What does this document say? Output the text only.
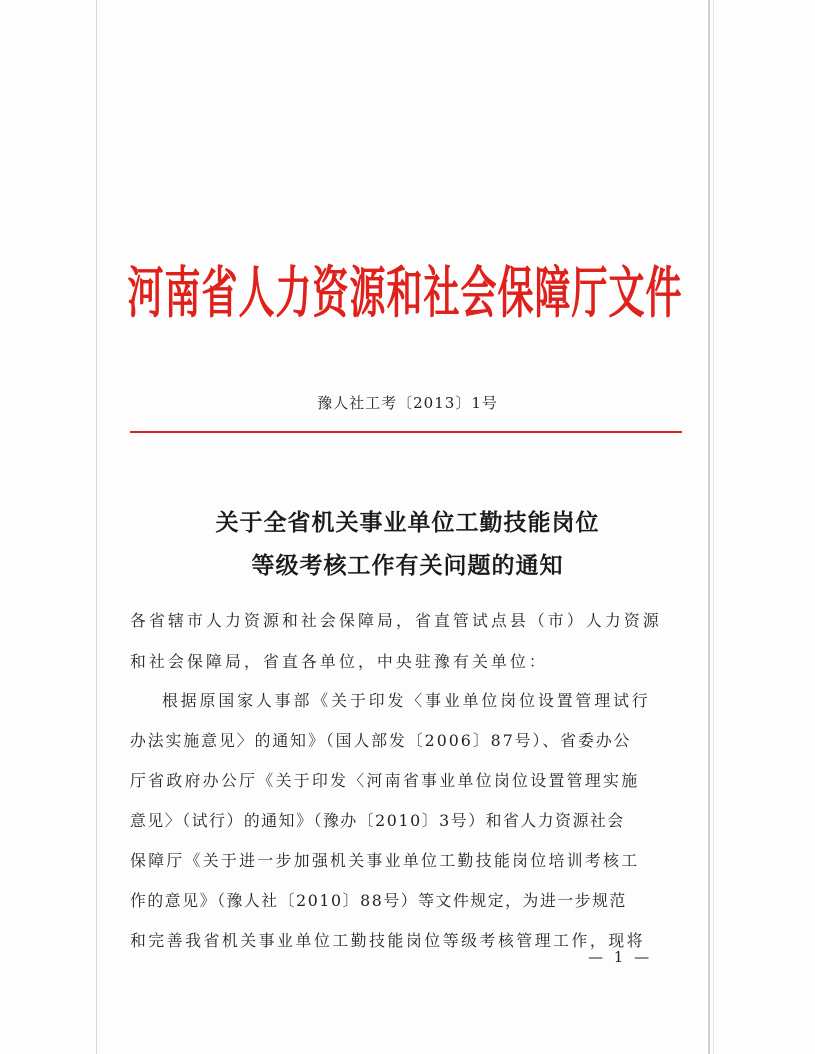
河南省人力资源和社会保障厅文件
豫人社工考〔2013〕1号
关于全省机关事业单位工勤技能岗位
等级考核工作有关问题的通知
各省辖市人力资源和社会保障局，省直管试点县（市）人力资源
和社会保障局，省直各单位，中央驻豫有关单位：
根据原国家人事部《关于印发〈事业单位岗位设置管理试行
办法实施意见〉的通知》（国人部发〔2006〕87号）、省委办公
厅省政府办公厅《关于印发〈河南省事业单位岗位设置管理实施
意见〉（试行）的通知》（豫办〔2010〕3号）和省人力资源社会
保障厅《关于进一步加强机关事业单位工勤技能岗位培训考核工
作的意见》（豫人社〔2010〕88号）等文件规定，为进一步规范
和完善我省机关事业单位工勤技能岗位等级考核管理工作，现将
— 1 —
